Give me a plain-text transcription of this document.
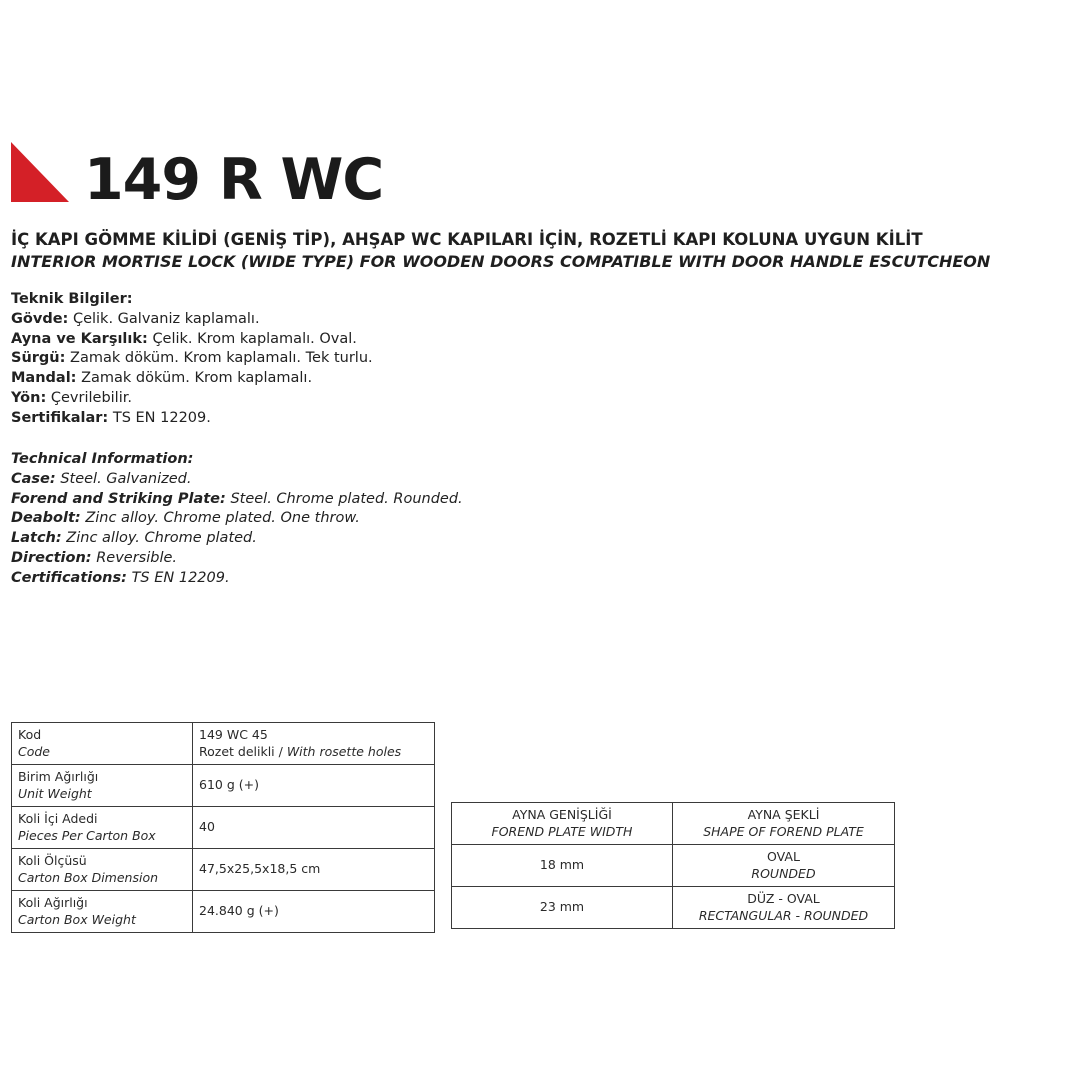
149 R WC
İÇ KAPI GÖMME KİLİDİ (GENİŞ TİP), AHŞAP WC KAPILARI İÇİN, ROZETLİ KAPI KOLUNA UYGUN KİLİT
INTERIOR MORTISE LOCK (WIDE TYPE) FOR WOODEN DOORS COMPATIBLE WITH DOOR HANDLE ESCUTCHEON
Teknik Bilgiler:
Gövde: Çelik. Galvaniz kaplamalı.
Ayna ve Karşılık: Çelik. Krom kaplamalı. Oval.
Sürgü: Zamak döküm. Krom kaplamalı. Tek turlu.
Mandal: Zamak döküm. Krom kaplamalı.
Yön: Çevrilebilir.
Sertifikalar: TS EN 12209.
Technical Information:
Case: Steel. Galvanized.
Forend and Striking Plate: Steel. Chrome plated. Rounded.
Deabolt: Zinc alloy. Chrome plated. One throw.
Latch: Zinc alloy. Chrome plated.
Direction: Reversible.
Certifications: TS EN 12209.
Kod
Code	149 WC 45
Rozet delikli / With rosette holes

Birim Ağırlığı
Unit Weight	610 g (+)

Koli İçi Adedi
Pieces Per Carton Box	40

Koli Ölçüsü
Carton Box Dimension	47,5x25,5x18,5 cm

Koli Ağırlığı
Carton Box Weight	24.840 g (+)
AYNA GENİŞLİĞİ
FOREND PLATE WIDTH	AYNA ŞEKLİ
SHAPE OF FOREND PLATE

18 mm	OVAL
ROUNDED

23 mm	DÜZ - OVAL
RECTANGULAR - ROUNDED
